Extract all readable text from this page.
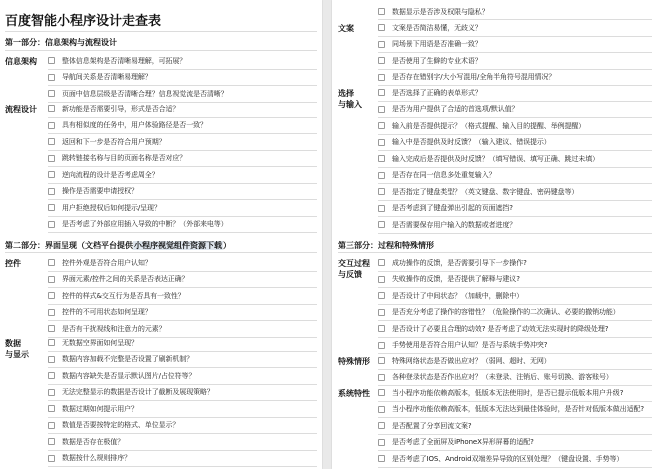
百度智能小程序设计走查表
第一部分：信息架构与流程设计
信息架构	整体信息架构是否清晰易理解，可拓展？
导航间关系是否清晰易理解？
页面中信息层级是否清晰合理？信息视觉流是否清晰？
流程设计	新功能是否需要引导，形式是否合适？
具有相似度的任务中，用户体验路径是否一致？
返回和下一步是否符合用户预期？
跳转链接名称与目的页面名称是否对应？
逆向流程的设计是否考虑周全？
操作是否需要申请授权？
用户拒绝授权后如何提示/呈现？
是否考虑了外部应用插入导致的中断？（外部来电等）
第二部分：界面呈现（文档平台提供小程序视觉组件资源下载）
控件	控件外观是否符合用户认知？
界面元素/控件之间的关系是否表达正确？
控件的样式&交互行为是否具有一致性？
控件的不可用状态如何呈现？
是否有干扰视线和注意力的元素？
数据
与显示
无数据空界面如何呈现？
数据内容加载不完整是否设置了刷新机制？
数据内容缺失是否显示默认图片/占位符等？
无法完整显示的数据是否设计了截断及展现策略？
数据过期如何提示用户？
数值是否要按特定的格式、单位显示？
数据是否存在极值？
数据按什么规则排序？
数据显示是否涉及权限与隐私？
文案	文案是否简洁易懂，无歧义？
同场景下用语是否准确一致？
是否使用了生僻的专业术语？
是否存在错别字/大小写混用/全角半角符号混用情况？
选择
与输入
是否选择了正确的表单形式？
是否为用户提供了合适的首选项/默认值？
输入前是否提供提示？（格式提醒、输入目的提醒、举例提醒）
输入中是否提供及时反馈？（输入建议、错误提示）
输入完成后是否提供及时反馈？（填写错误、填写正确、跳过未填）
是否存在同一信息多处重复输入？
是否指定了键盘类型？（英文键盘、数字键盘、密码键盘等）
是否考虑到了键盘弹出引起的页面遮挡?
是否需要保存用户输入的数据或者进度？
第三部分：过程和特殊情形
交互过程
与反馈
成功操作的反馈，是否需要引导下一步操作?
失败操作的反馈，是否提供了解释与建议?
是否设计了中间状态？（加载中，删除中）
是否充分考虑了操作的容错性？（危险操作的二次确认、必要的撤销功能）
是否设计了必要且合理的动效? 是否考虑了动效无法实现时的降级处理?
手势使用是否符合用户认知？是否与系统手势冲突?
特殊情形	特殊网络状态是否做出应对？（弱网、超时、无网）
各种登录状态是否作出应对？（未登录、注销后、账号切换、游客账号）
系统特性	当小程序功能依赖高版本，低版本无法使用时，是否已提示低版本用户升级?
当小程序功能依赖高版本，低版本无法达到最佳体验时，是否针对低版本做出适配?
是否配置了分享回流文案?
是否考虑了全面屏及iPhoneX异形屏幕的适配?
是否考虑了IOS、Android双端差异导致的区别处理？（键盘设置、手势等）
